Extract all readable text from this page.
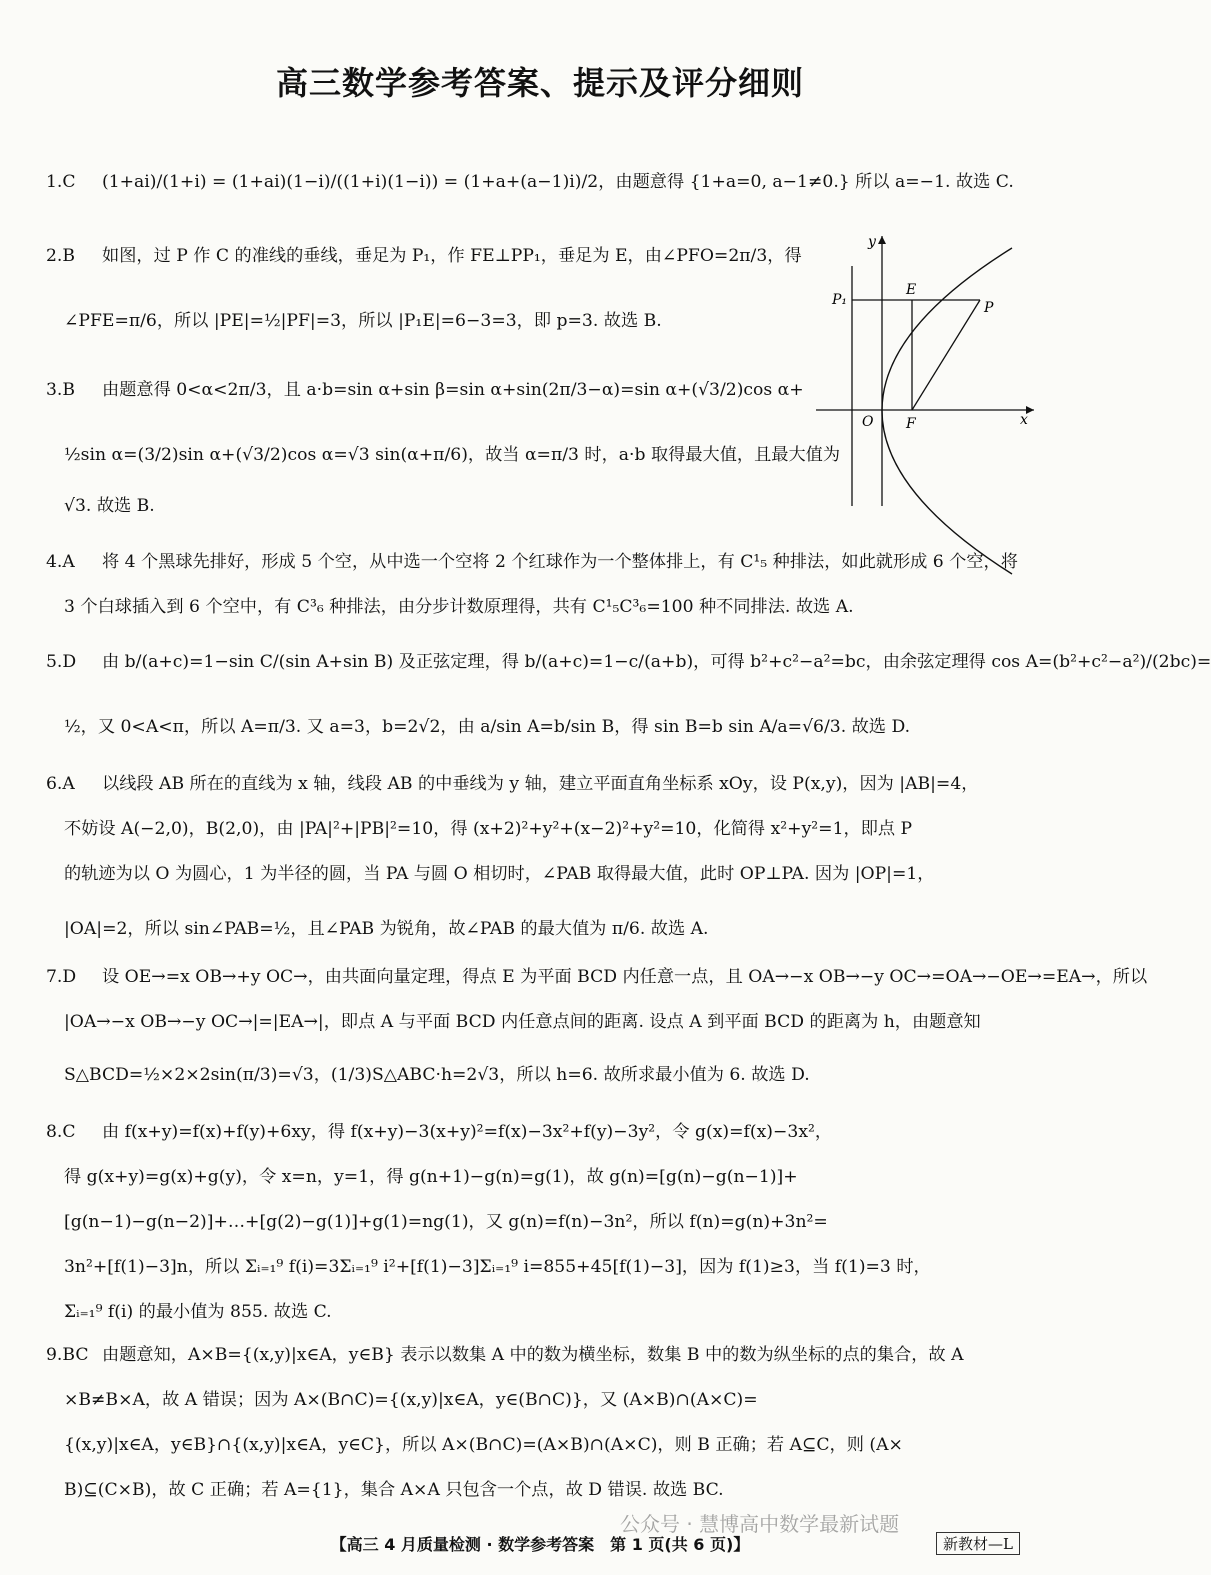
高三数学参考答案、提示及评分细则

1.C (1+ai)/(1+i) = (1+ai)(1−i)/((1+i)(1−i)) = (1+a+(a−1)i)/2，由题意得 {1+a=0, a−1≠0.} 所以 a=−1. 故选 C.

2.B 如图，过 P 作 C 的准线的垂线，垂足为 P₁，作 FE⊥PP₁，垂足为 E，由∠PFO=2π/3，得

∠PFE=π/6，所以 |PE|=½|PF|=3，所以 |P₁E|=6−3=3，即 p=3. 故选 B.

3.B 由题意得 0<α<2π/3，且 a·b=sin α+sin β=sin α+sin(2π/3−α)=sin α+(√3/2)cos α+

½sin α=(3/2)sin α+(√3/2)cos α=√3 sin(α+π/6)，故当 α=π/3 时，a·b 取得最大值，且最大值为

√3. 故选 B.

4.A 将 4 个黑球先排好，形成 5 个空，从中选一个空将 2 个红球作为一个整体排上，有 C¹₅ 种排法，如此就形成 6 个空，将

3 个白球插入到 6 个空中，有 C³₆ 种排法，由分步计数原理得，共有 C¹₅C³₆=100 种不同排法. 故选 A.

5.D 由 b/(a+c)=1−sin C/(sin A+sin B) 及正弦定理，得 b/(a+c)=1−c/(a+b)，可得 b²+c²−a²=bc，由余弦定理得 cos A=(b²+c²−a²)/(2bc)=

½，又 0<A<π，所以 A=π/3. 又 a=3，b=2√2，由 a/sin A=b/sin B，得 sin B=b sin A/a=√6/3. 故选 D.

6.A 以线段 AB 所在的直线为 x 轴，线段 AB 的中垂线为 y 轴，建立平面直角坐标系 xOy，设 P(x,y)，因为 |AB|=4，

不妨设 A(−2,0)，B(2,0)，由 |PA|²+|PB|²=10，得 (x+2)²+y²+(x−2)²+y²=10，化简得 x²+y²=1，即点 P

的轨迹为以 O 为圆心，1 为半径的圆，当 PA 与圆 O 相切时，∠PAB 取得最大值，此时 OP⊥PA. 因为 |OP|=1，

|OA|=2，所以 sin∠PAB=½，且∠PAB 为锐角，故∠PAB 的最大值为 π/6. 故选 A.

7.D 设 OE→=x OB→+y OC→，由共面向量定理，得点 E 为平面 BCD 内任意一点，且 OA→−x OB→−y OC→=OA→−OE→=EA→，所以

|OA→−x OB→−y OC→|=|EA→|，即点 A 与平面 BCD 内任意点间的距离. 设点 A 到平面 BCD 的距离为 h，由题意知

S△BCD=½×2×2sin(π/3)=√3，(1/3)S△ABC·h=2√3，所以 h=6. 故所求最小值为 6. 故选 D.

8.C 由 f(x+y)=f(x)+f(y)+6xy，得 f(x+y)−3(x+y)²=f(x)−3x²+f(y)−3y²，令 g(x)=f(x)−3x²，

得 g(x+y)=g(x)+g(y)，令 x=n，y=1，得 g(n+1)−g(n)=g(1)，故 g(n)=[g(n)−g(n−1)]+

[g(n−1)−g(n−2)]+…+[g(2)−g(1)]+g(1)=ng(1)，又 g(n)=f(n)−3n²，所以 f(n)=g(n)+3n²=

3n²+[f(1)−3]n，所以 Σᵢ₌₁⁹ f(i)=3Σᵢ₌₁⁹ i²+[f(1)−3]Σᵢ₌₁⁹ i=855+45[f(1)−3]，因为 f(1)≥3，当 f(1)=3 时，

Σᵢ₌₁⁹ f(i) 的最小值为 855. 故选 C.

9.BC 由题意知，A×B={(x,y)|x∈A，y∈B} 表示以数集 A 中的数为横坐标，数集 B 中的数为纵坐标的点的集合，故 A

×B≠B×A，故 A 错误；因为 A×(B∩C)={(x,y)|x∈A，y∈(B∩C)}，又 (A×B)∩(A×C)=

{(x,y)|x∈A，y∈B}∩{(x,y)|x∈A，y∈C}，所以 A×(B∩C)=(A×B)∩(A×C)，则 B 正确；若 A⊆C，则 (A×

B)⊆(C×B)，故 C 正确；若 A={1}，集合 A×A 只包含一个点，故 D 错误. 故选 BC.

x
y
O F
E
P
P₁
公众号 · 慧博高中数学最新试题
【高三 4 月质量检测 · 数学参考答案　第 1 页(共 6 页)】	新教材—L
